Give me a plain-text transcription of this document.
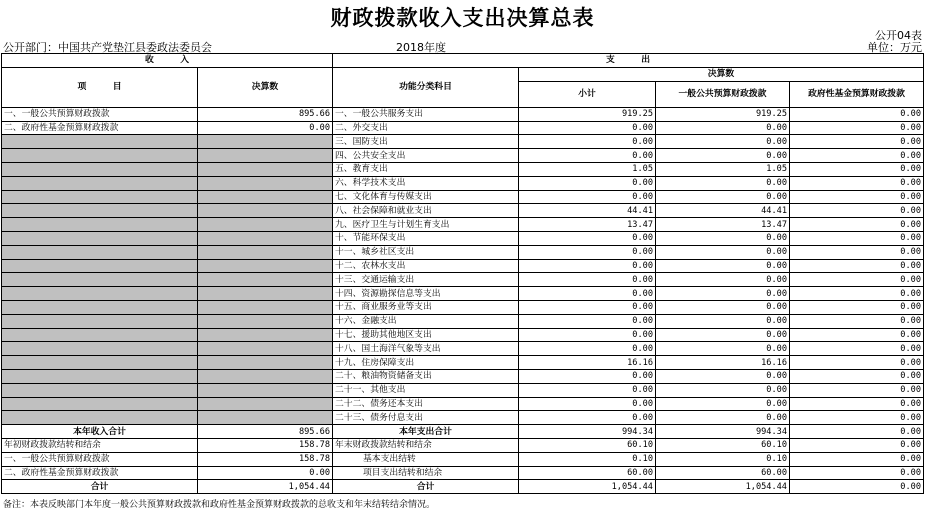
财政拨款收入支出决算总表
公开04表
公开部门：中国共产党垫江县委政法委员会	2018年度	单位：万元
收　　　入		支　　　出			
项　　　目	决算数	功能分类科目	决算数		
			小计	一般公共预算财政拨款	政府性基金预算财政拨款
一、一般公共预算财政拨款	895.66	一、一般公共服务支出	919.25	919.25	0.00
二、政府性基金预算财政拨款	0.00	二、外交支出	0.00	0.00	0.00
		三、国防支出	0.00	0.00	0.00
		四、公共安全支出	0.00	0.00	0.00
		五、教育支出	1.05	1.05	0.00
		六、科学技术支出	0.00	0.00	0.00
		七、文化体育与传媒支出	0.00	0.00	0.00
		八、社会保障和就业支出	44.41	44.41	0.00
		九、医疗卫生与计划生育支出	13.47	13.47	0.00
		十、节能环保支出	0.00	0.00	0.00
		十一、城乡社区支出	0.00	0.00	0.00
		十二、农林水支出	0.00	0.00	0.00
		十三、交通运输支出	0.00	0.00	0.00
		十四、资源勘探信息等支出	0.00	0.00	0.00
		十五、商业服务业等支出	0.00	0.00	0.00
		十六、金融支出	0.00	0.00	0.00
		十七、援助其他地区支出	0.00	0.00	0.00
		十八、国土海洋气象等支出	0.00	0.00	0.00
		十九、住房保障支出	16.16	16.16	0.00
		二十、粮油物资储备支出	0.00	0.00	0.00
		二十一、其他支出	0.00	0.00	0.00
		二十二、债务还本支出	0.00	0.00	0.00
		二十三、债务付息支出	0.00	0.00	0.00
本年收入合计	895.66	本年支出合计	994.34	994.34	0.00
年初财政拨款结转和结余	158.78	年末财政拨款结转和结余	60.10	60.10	0.00
一、一般公共预算财政拨款	158.78	基本支出结转	0.10	0.10	0.00
二、政府性基金预算财政拨款	0.00	项目支出结转和结余	60.00	60.00	0.00
合计	1,054.44	合计	1,054.44	1,054.44	0.00
备注：本表反映部门本年度一般公共预算财政拨款和政府性基金预算财政拨款的总收支和年末结转结余情况。
